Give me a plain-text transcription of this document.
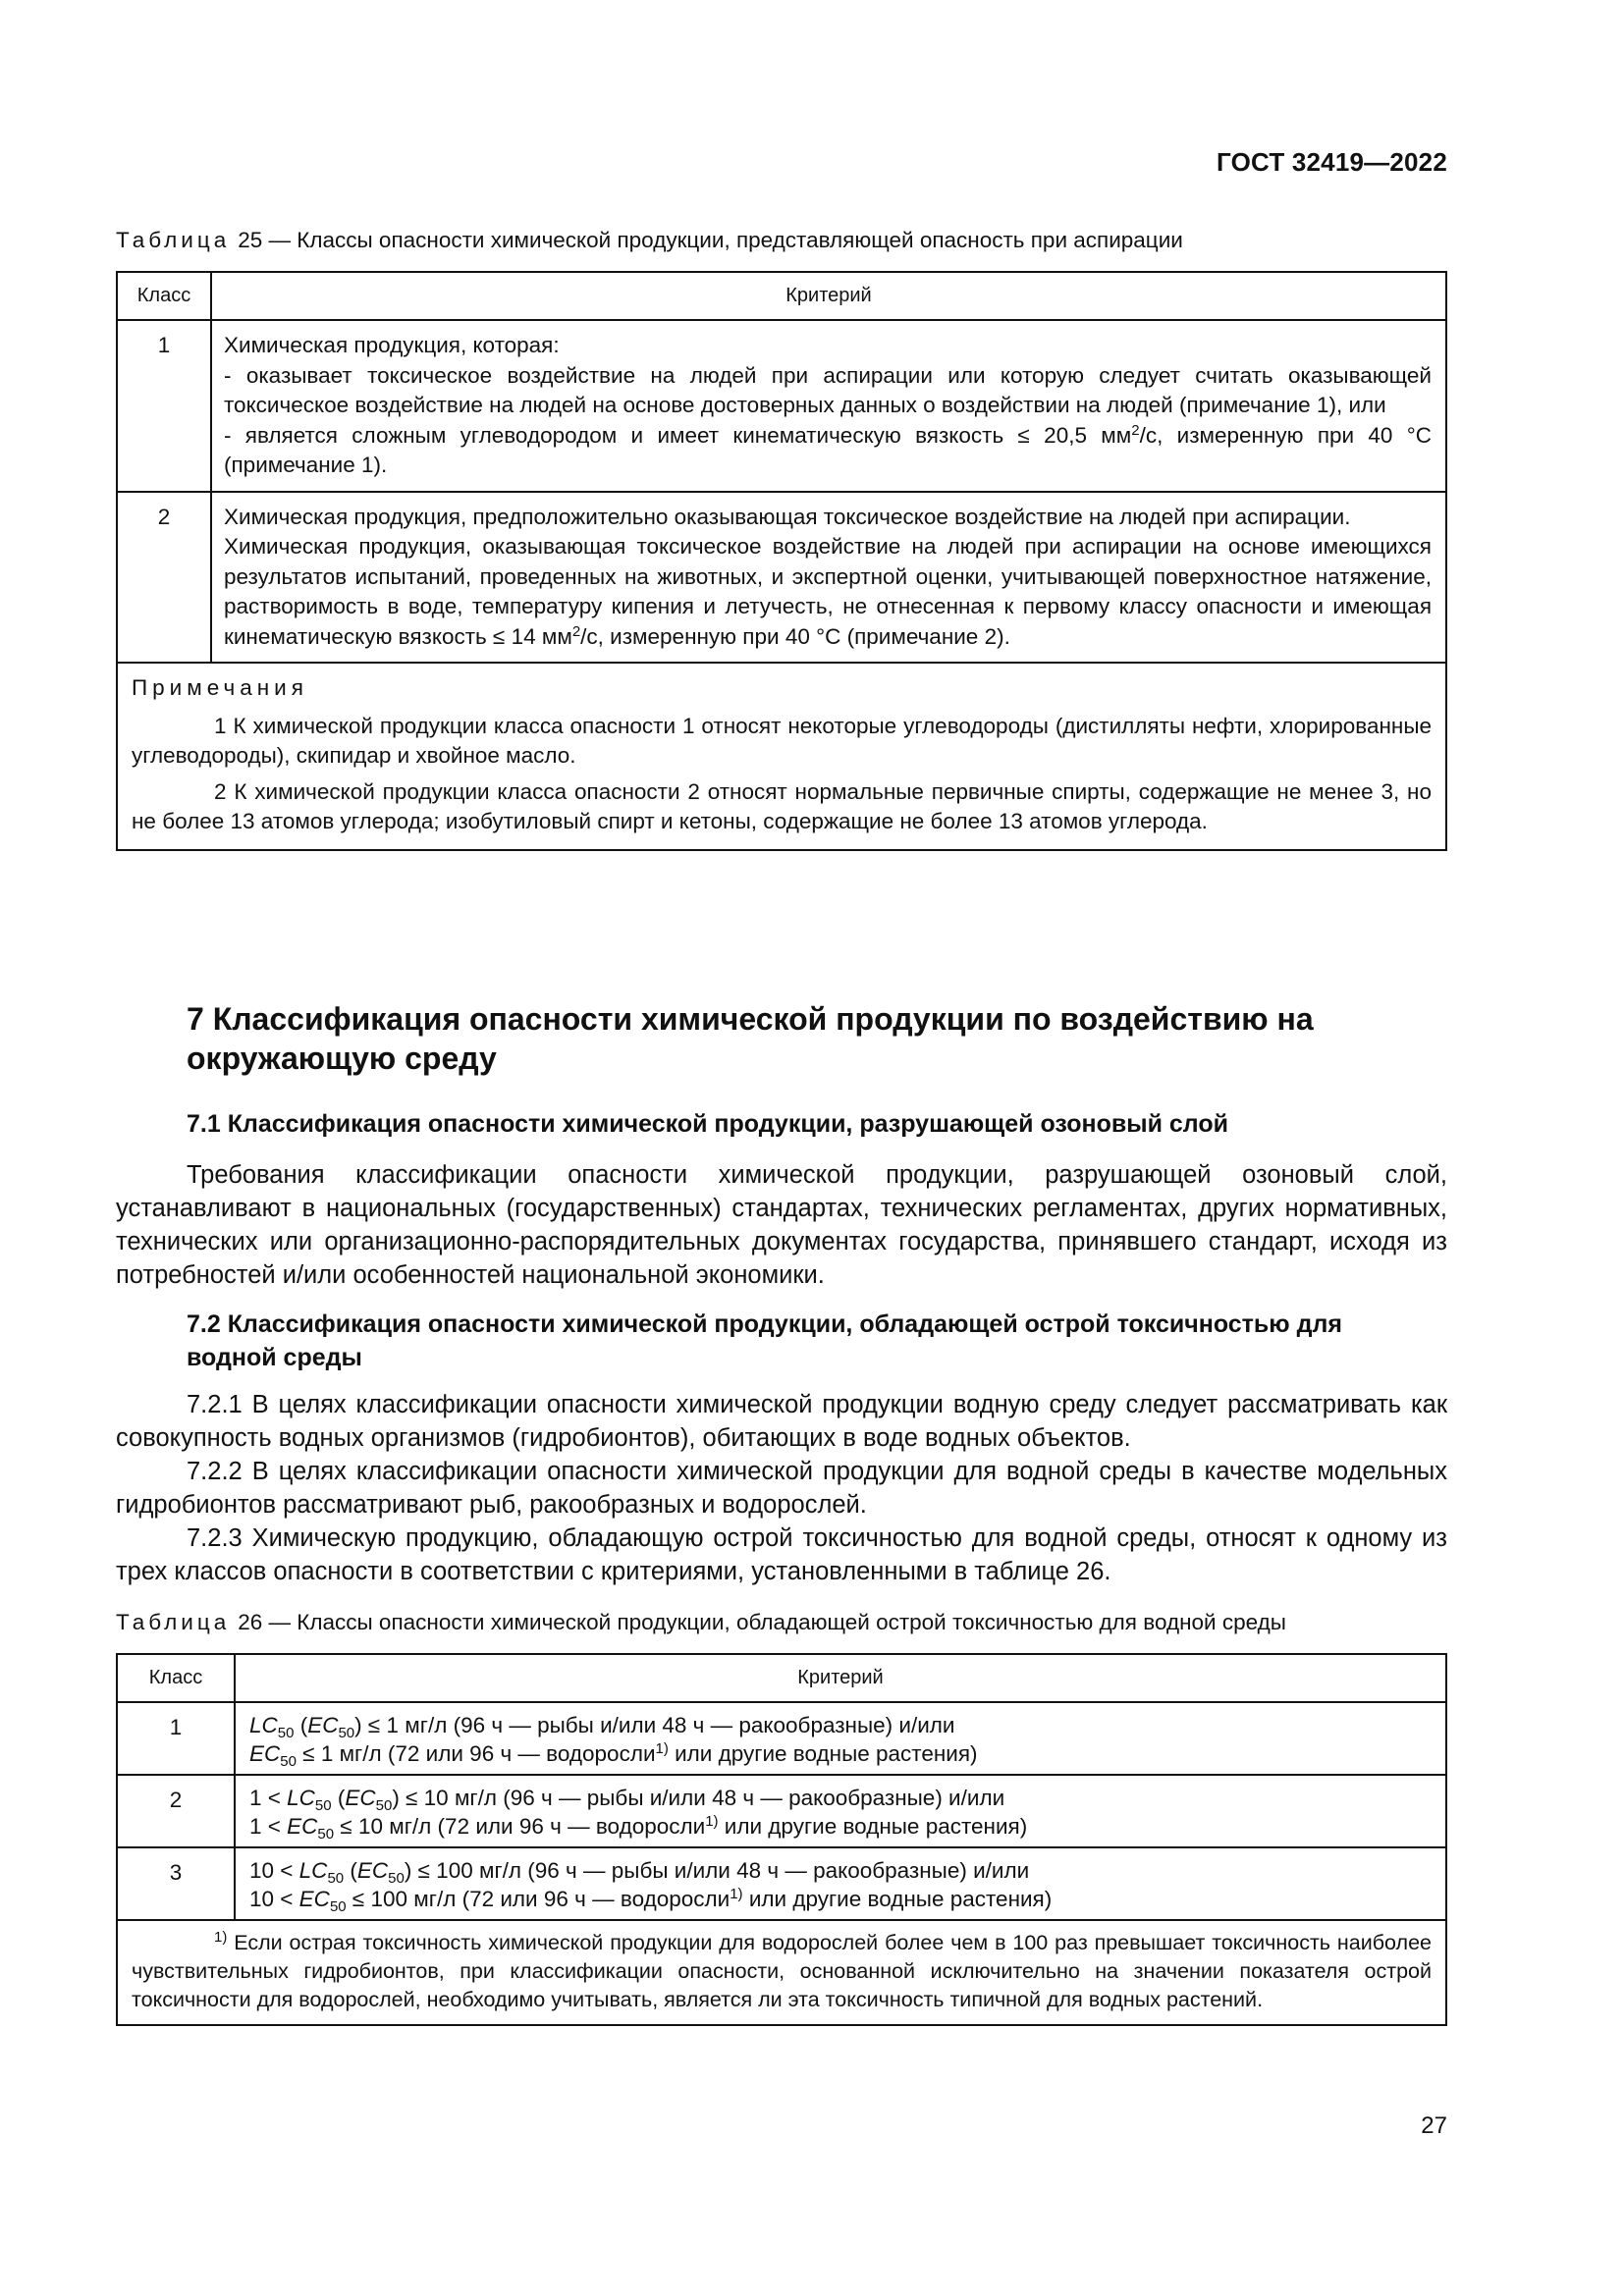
ГОСТ 32419—2022
Таблица 25 — Классы опасности химической продукции, представляющей опасность при аспирации
Класс	Критерий
1	Химическая продукция, которая:

- оказывает токсическое воздействие на людей при аспирации или которую следует считать оказывающей токсическое воздействие на людей на основе достоверных данных о воздействии на людей (примечание 1), или

- является сложным углеводородом и имеет кинематическую вязкость ≤ 20,5 $мм^2/с$, измеренную при 40 °С (примечание 1).

2	Химическая продукция, предположительно оказывающая токсическое воздействие на людей при аспирации.

Химическая продукция, оказывающая токсическое воздействие на людей при аспирации на основе имеющихся результатов испытаний, проведенных на животных, и экспертной оценки, учитывающей поверхностное натяжение, растворимость в воде, температуру кипения и летучесть, не отнесенная к первому классу опасности и имеющая кинематическую вязкость ≤ 14 $мм^2/с$, измеренную при 40 °С (примечание 2).

Примечания

1 К химической продукции класса опасности 1 относят некоторые углеводороды (дистилляты нефти, хлорированные углеводороды), скипидар и хвойное масло.

2 К химической продукции класса опасности 2 относят нормальные первичные спирты, содержащие не менее 3, но не более 13 атомов углерода; изобутиловый спирт и кетоны, содержащие не более 13 атомов углерода.	

7 Классификация опасности химической продукции по воздействию на окружающую среду
7.1 Классификация опасности химической продукции, разрушающей озоновый слой

Требования классификации опасности химической продукции, разрушающей озоновый слой, устанавливают в национальных (государственных) стандартах, технических регламентах, других нормативных, технических или организационно-распорядительных документах государства, принявшего стандарт, исходя из потребностей и/или особенностей национальной экономики.

7.2 Классификация опасности химической продукции, обладающей острой токсичностью для водной среды

7.2.1 В целях классификации опасности химической продукции водную среду следует рассматривать как совокупность водных организмов (гидробионтов), обитающих в воде водных объектов.

7.2.2 В целях классификации опасности химической продукции для водной среды в качестве модельных гидробионтов рассматривают рыб, ракообразных и водорослей.

7.2.3 Химическую продукцию, обладающую острой токсичностью для водной среды, относят к одному из трех классов опасности в соответствии с критериями, установленными в таблице 26.

Таблица 26 — Классы опасности химической продукции, обладающей острой токсичностью для водной среды
Класс	Критерий
1	$LC_{50}$ $(EC_{50}) \le 1$ мг/л (96 ч — рыбы и/или 48 ч — ракообразные) и/или
$EC_{50} \le 1$ мг/л (72 или 96 ч — водоросли$^{1)}$ или другие водные растения)

2	$1 < LC_{50}$ $(EC_{50}) \le 10$ мг/л (96 ч — рыбы и/или 48 ч — ракообразные) и/или
$1 < EC_{50} \le 10$ мг/л (72 или 96 ч — водоросли$^{1)}$ или другие водные растения)

3	$10 < LC_{50}$ $(EC_{50}) \le 100$ мг/л (96 ч — рыбы и/или 48 ч — ракообразные) и/или
$10 < EC_{50} \le 100$ мг/л (72 или 96 ч — водоросли$^{1)}$ или другие водные растения)

$^{1)}$ Если острая токсичность химической продукции для водорослей более чем в 100 раз превышает токсичность наиболее чувствительных гидробионтов, при классификации опасности, основанной исключительно на значении показателя острой токсичности для водорослей, необходимо учитывать, является ли эта токсичность типичной для водных растений.	

27
